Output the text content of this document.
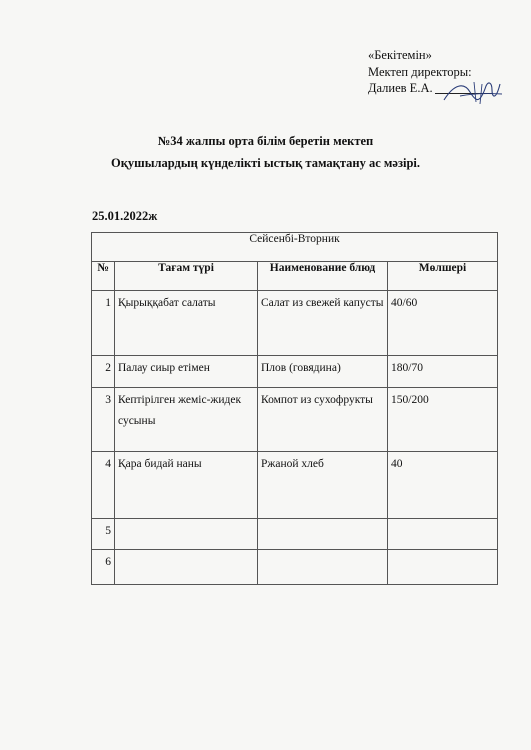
«Бекітемін»
Мектеп директоры:
Далиев Е.А.
№34 жалпы орта білім беретін мектеп
Оқушылардың күнделікті ыстық тамақтану ас мәзірі.
25.01.2022ж
Сейсенбі-Вторник			
№	Тағам түрі	Наименование блюд	Мөлшері

1	Қырыққабат салаты	Салат из свежей капусты	40/60

2	Палау сиыр етімен	Плов (говядина)	180/70

3	Кептірілген жеміс-жидек сусыны	Компот из сухофрукты	150/200

4	Қара бидай наны	Ржаной хлеб	40

5			

6			
